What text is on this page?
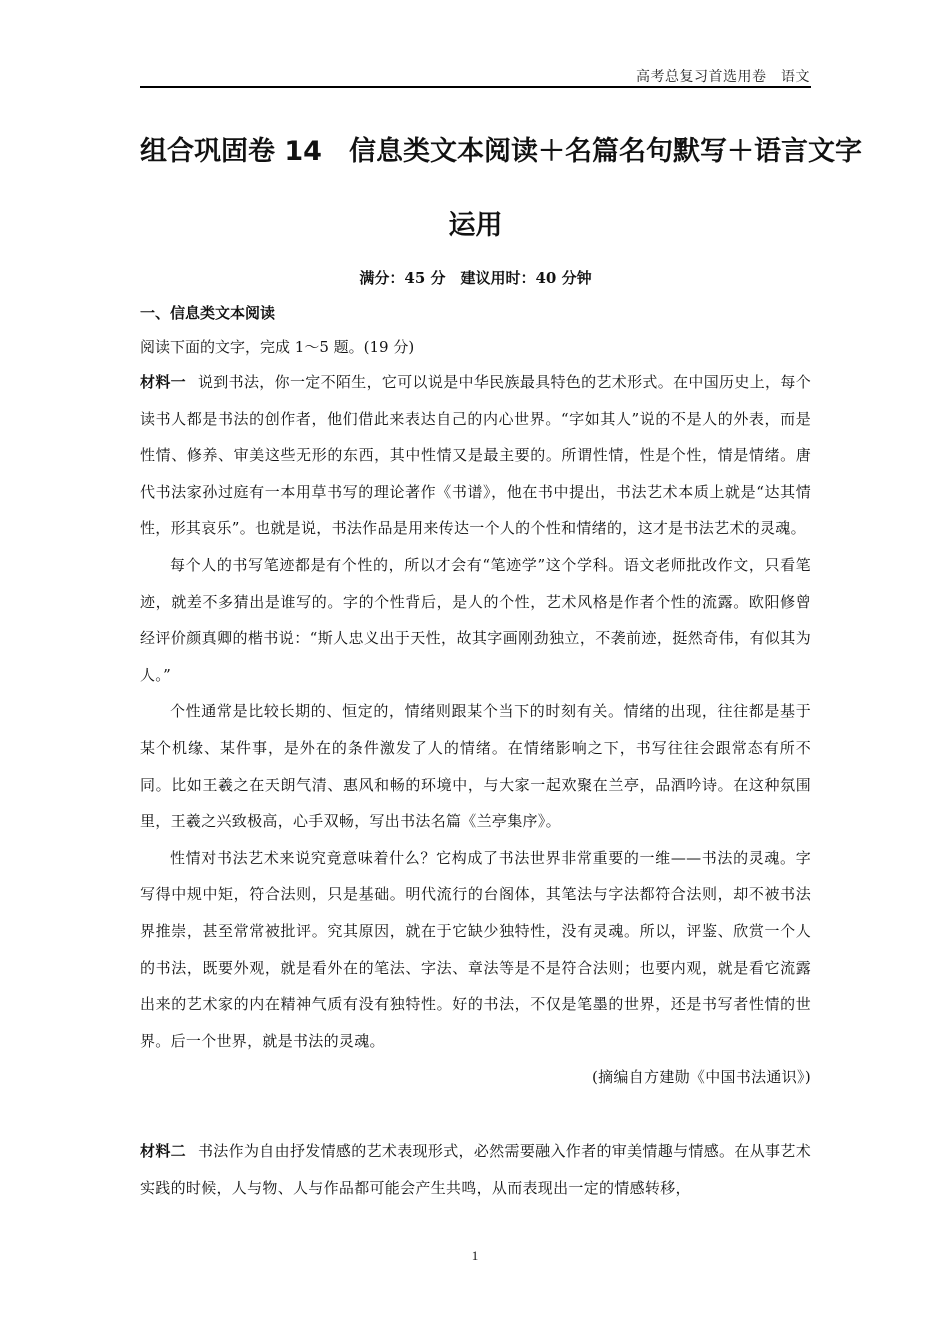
高考总复习首选用卷　语文
组合巩固卷 14　信息类文本阅读＋名篇名句默写＋语言文字
运用
满分：45 分　建议用时：40 分钟
一、信息类文本阅读
阅读下面的文字，完成 1～5 题。(19 分)

材料一 说到书法，你一定不陌生，它可以说是中华民族最具特色的艺术形式。在中国历史上，每个读书人都是书法的创作者，他们借此来表达自己的内心世界。“字如其人”说的不是人的外表，而是性情、修养、审美这些无形的东西，其中性情又是最主要的。所谓性情，性是个性，情是情绪。唐代书法家孙过庭有一本用草书写的理论著作《书谱》，他在书中提出，书法艺术本质上就是“达其情性，形其哀乐”。也就是说，书法作品是用来传达一个人的个性和情绪的，这才是书法艺术的灵魂。

每个人的书写笔迹都是有个性的，所以才会有“笔迹学”这个学科。语文老师批改作文，只看笔迹，就差不多猜出是谁写的。字的个性背后，是人的个性，艺术风格是作者个性的流露。欧阳修曾经评价颜真卿的楷书说：“斯人忠义出于天性，故其字画刚劲独立，不袭前迹，挺然奇伟，有似其为人。”

个性通常是比较长期的、恒定的，情绪则跟某个当下的时刻有关。情绪的出现，往往都是基于某个机缘、某件事，是外在的条件激发了人的情绪。在情绪影响之下，书写往往会跟常态有所不同。比如王羲之在天朗气清、惠风和畅的环境中，与大家一起欢聚在兰亭，品酒吟诗。在这种氛围里，王羲之兴致极高，心手双畅，写出书法名篇《兰亭集序》。

性情对书法艺术来说究竟意味着什么？它构成了书法世界非常重要的一维——书法的灵魂。字写得中规中矩，符合法则，只是基础。明代流行的台阁体，其笔法与字法都符合法则，却不被书法界推崇，甚至常常被批评。究其原因，就在于它缺少独特性，没有灵魂。所以，评鉴、欣赏一个人的书法，既要外观，就是看外在的笔法、字法、章法等是不是符合法则；也要内观，就是看它流露出来的艺术家的内在精神气质有没有独特性。好的书法，不仅是笔墨的世界，还是书写者性情的世界。后一个世界，就是书法的灵魂。

(摘编自方建勋《中国书法通识》)

材料二 书法作为自由抒发情感的艺术表现形式，必然需要融入作者的审美情趣与情感。在从事艺术实践的时候，人与物、人与作品都可能会产生共鸣，从而表现出一定的情感转移，

1
